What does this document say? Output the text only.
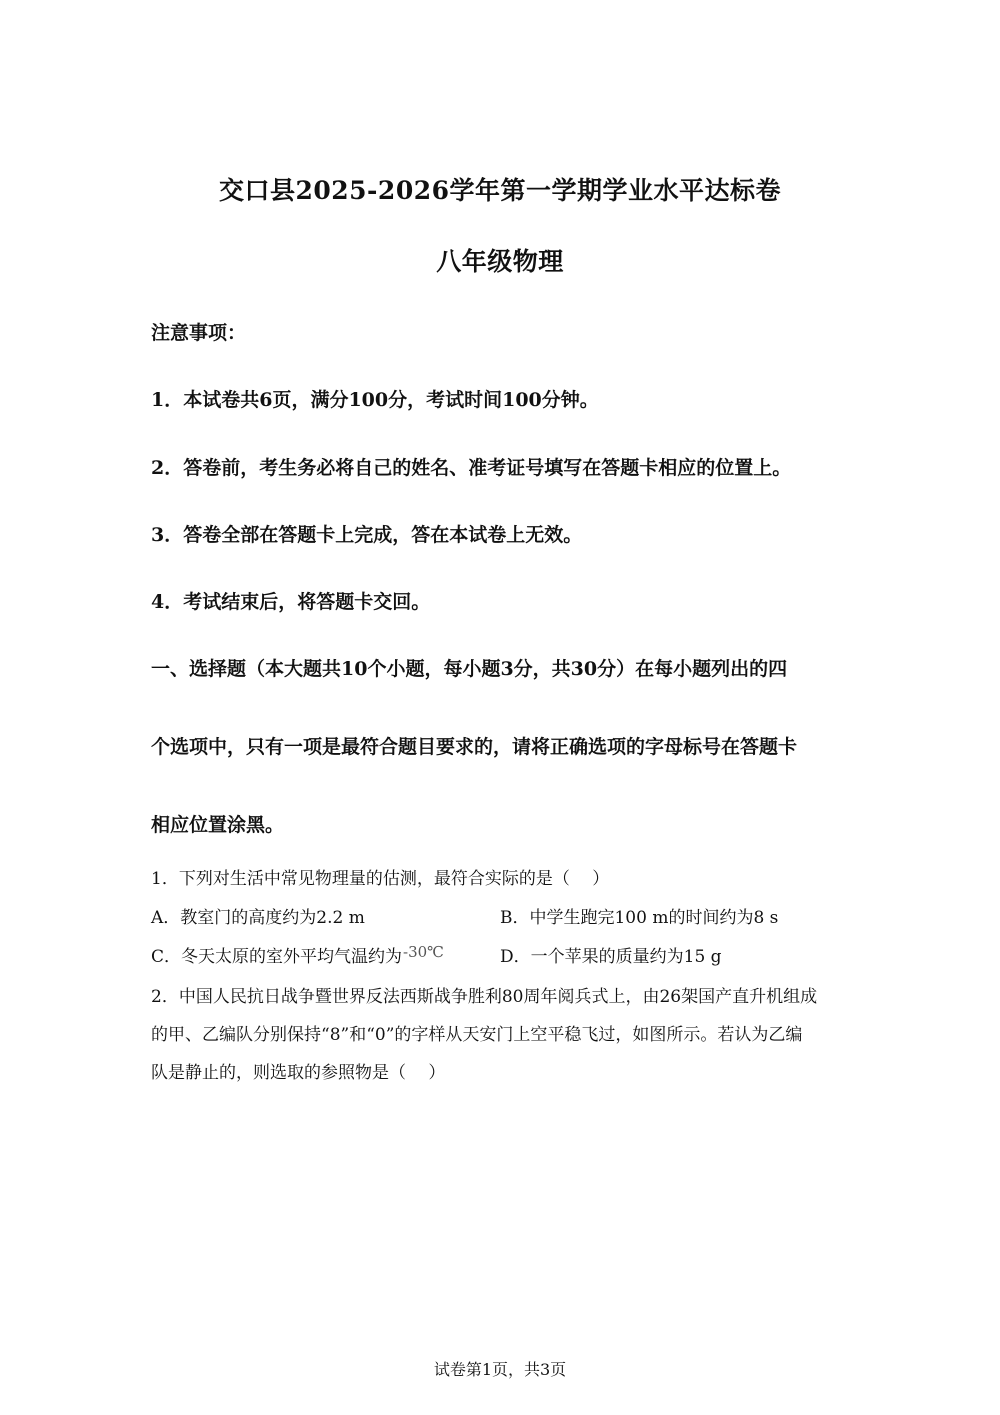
交口县2025-2026学年第一学期学业水平达标卷
八年级物理
注意事项：
1．本试卷共6页，满分100分，考试时间100分钟。
2．答卷前，考生务必将自己的姓名、准考证号填写在答题卡相应的位置上。
3．答卷全部在答题卡上完成，答在本试卷上无效。
4．考试结束后，将答题卡交回。
一、选择题（本大题共10个小题，每小题3分，共30分）在每小题列出的四
个选项中，只有一项是最符合题目要求的，请将正确选项的字母标号在答题卡
相应位置涂黑。
1．下列对生活中常见物理量的估测，最符合实际的是（　 ）
A．教室门的高度约为2.2 m	B．中学生跑完100 m的时间约为8 s
C．冬天太原的室外平均气温约为-30℃	D．一个苹果的质量约为15 g
2．中国人民抗日战争暨世界反法西斯战争胜利80周年阅兵式上，由26架国产直升机组成
的甲、乙编队分别保持“8”和“0”的字样从天安门上空平稳飞过，如图所示。若认为乙编
队是静止的，则选取的参照物是（　 ）
试卷第1页，共3页
